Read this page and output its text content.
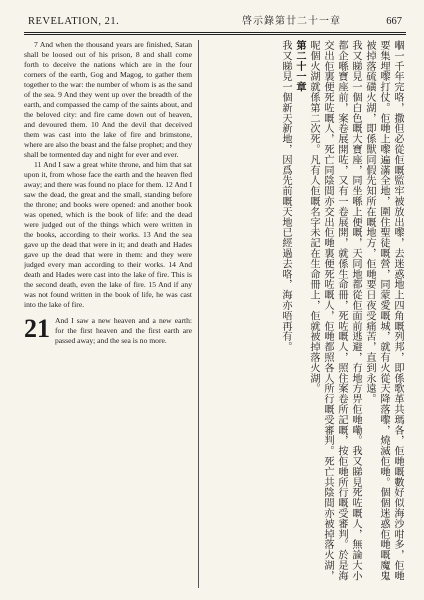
REVELATION, 21.	啓示錄第廿二十一章	667

7 And when the thousand years are finished, Satan shall be loosed out of his prison, 8 and shall come forth to deceive the nations which are in the four corners of the earth, Gog and Magog, to gather them together to the war: the number of whom is as the sand of the sea. 9 And they went up over the breadth of the earth, and compassed the camp of the saints about, and the beloved city: and fire came down out of heaven, and devoured them. 10 And the devil that deceived them was cast into the lake of fire and brimstone, where are also the beast and the false prophet; and they shall be tormented day and night for ever and ever.

11 And I saw a great white throne, and him that sat upon it, from whose face the earth and the heaven fled away; and there was found no place for them. 12 And I saw the dead, the great and the small, standing before the throne; and books were opened: and another book was opened, which is the book of life: and the dead were judged out of the things which were written in the books, according to their works. 13 And the sea gave up the dead that were in it; and death and Hades gave up the dead that were in them: and they were judged every man according to their works. 14 And death and Hades were cast into the lake of fire. This is the second death, even the lake of fire. 15 And if any was not found written in the book of life, he was cast into the lake of fire.

21 And I saw a new heaven and a new earth: for the first heaven and the first earth are passed away; and the sea is no more.	嗰一千年完咯，撒但必從佢嘅監牢被放出嚟，去迷惑地上四角嘅列邦，即係歌革共瑪各，佢哋嘅數好似海沙咁多，佢哋要集埋嚟打仗。佢哋上嚟遍滿全地，圍住聖徒嘅營，同蒙愛嘅城，就有火從天降落嚟，燒滅佢哋。個個迷惑佢哋嘅魔鬼被掉落硫磺火湖，即係獸同假先知所在嘅地方，佢哋要日夜受痛苦，直到永遠。
我又睇見一個白色嘅大寶座，同坐喺上便嘅，天同地都從佢面前逃避，冇地方畀佢哋嘞。我又睇見死咗嘅人，無論大小都企喺寶座前，案卷展開咗，又有一卷展開，就係生命冊，死咗嘅人，照住案卷所記嘅，按佢哋所行嘅受審判。於是海交出佢裏便死咗嘅人，死亡同陰間亦交出佢哋裏便死咗嘅人，佢哋都照各人所行嘅受審判。死亡共陰間亦被掉落火湖，呢個火湖就係第二次死。凡有人佢嘅名字未記在生命冊上，佢就被掉落火湖。
第二十一章
我又睇見一個新天新地，因爲先前嘅天地已經過去咯，海亦唔再有。
